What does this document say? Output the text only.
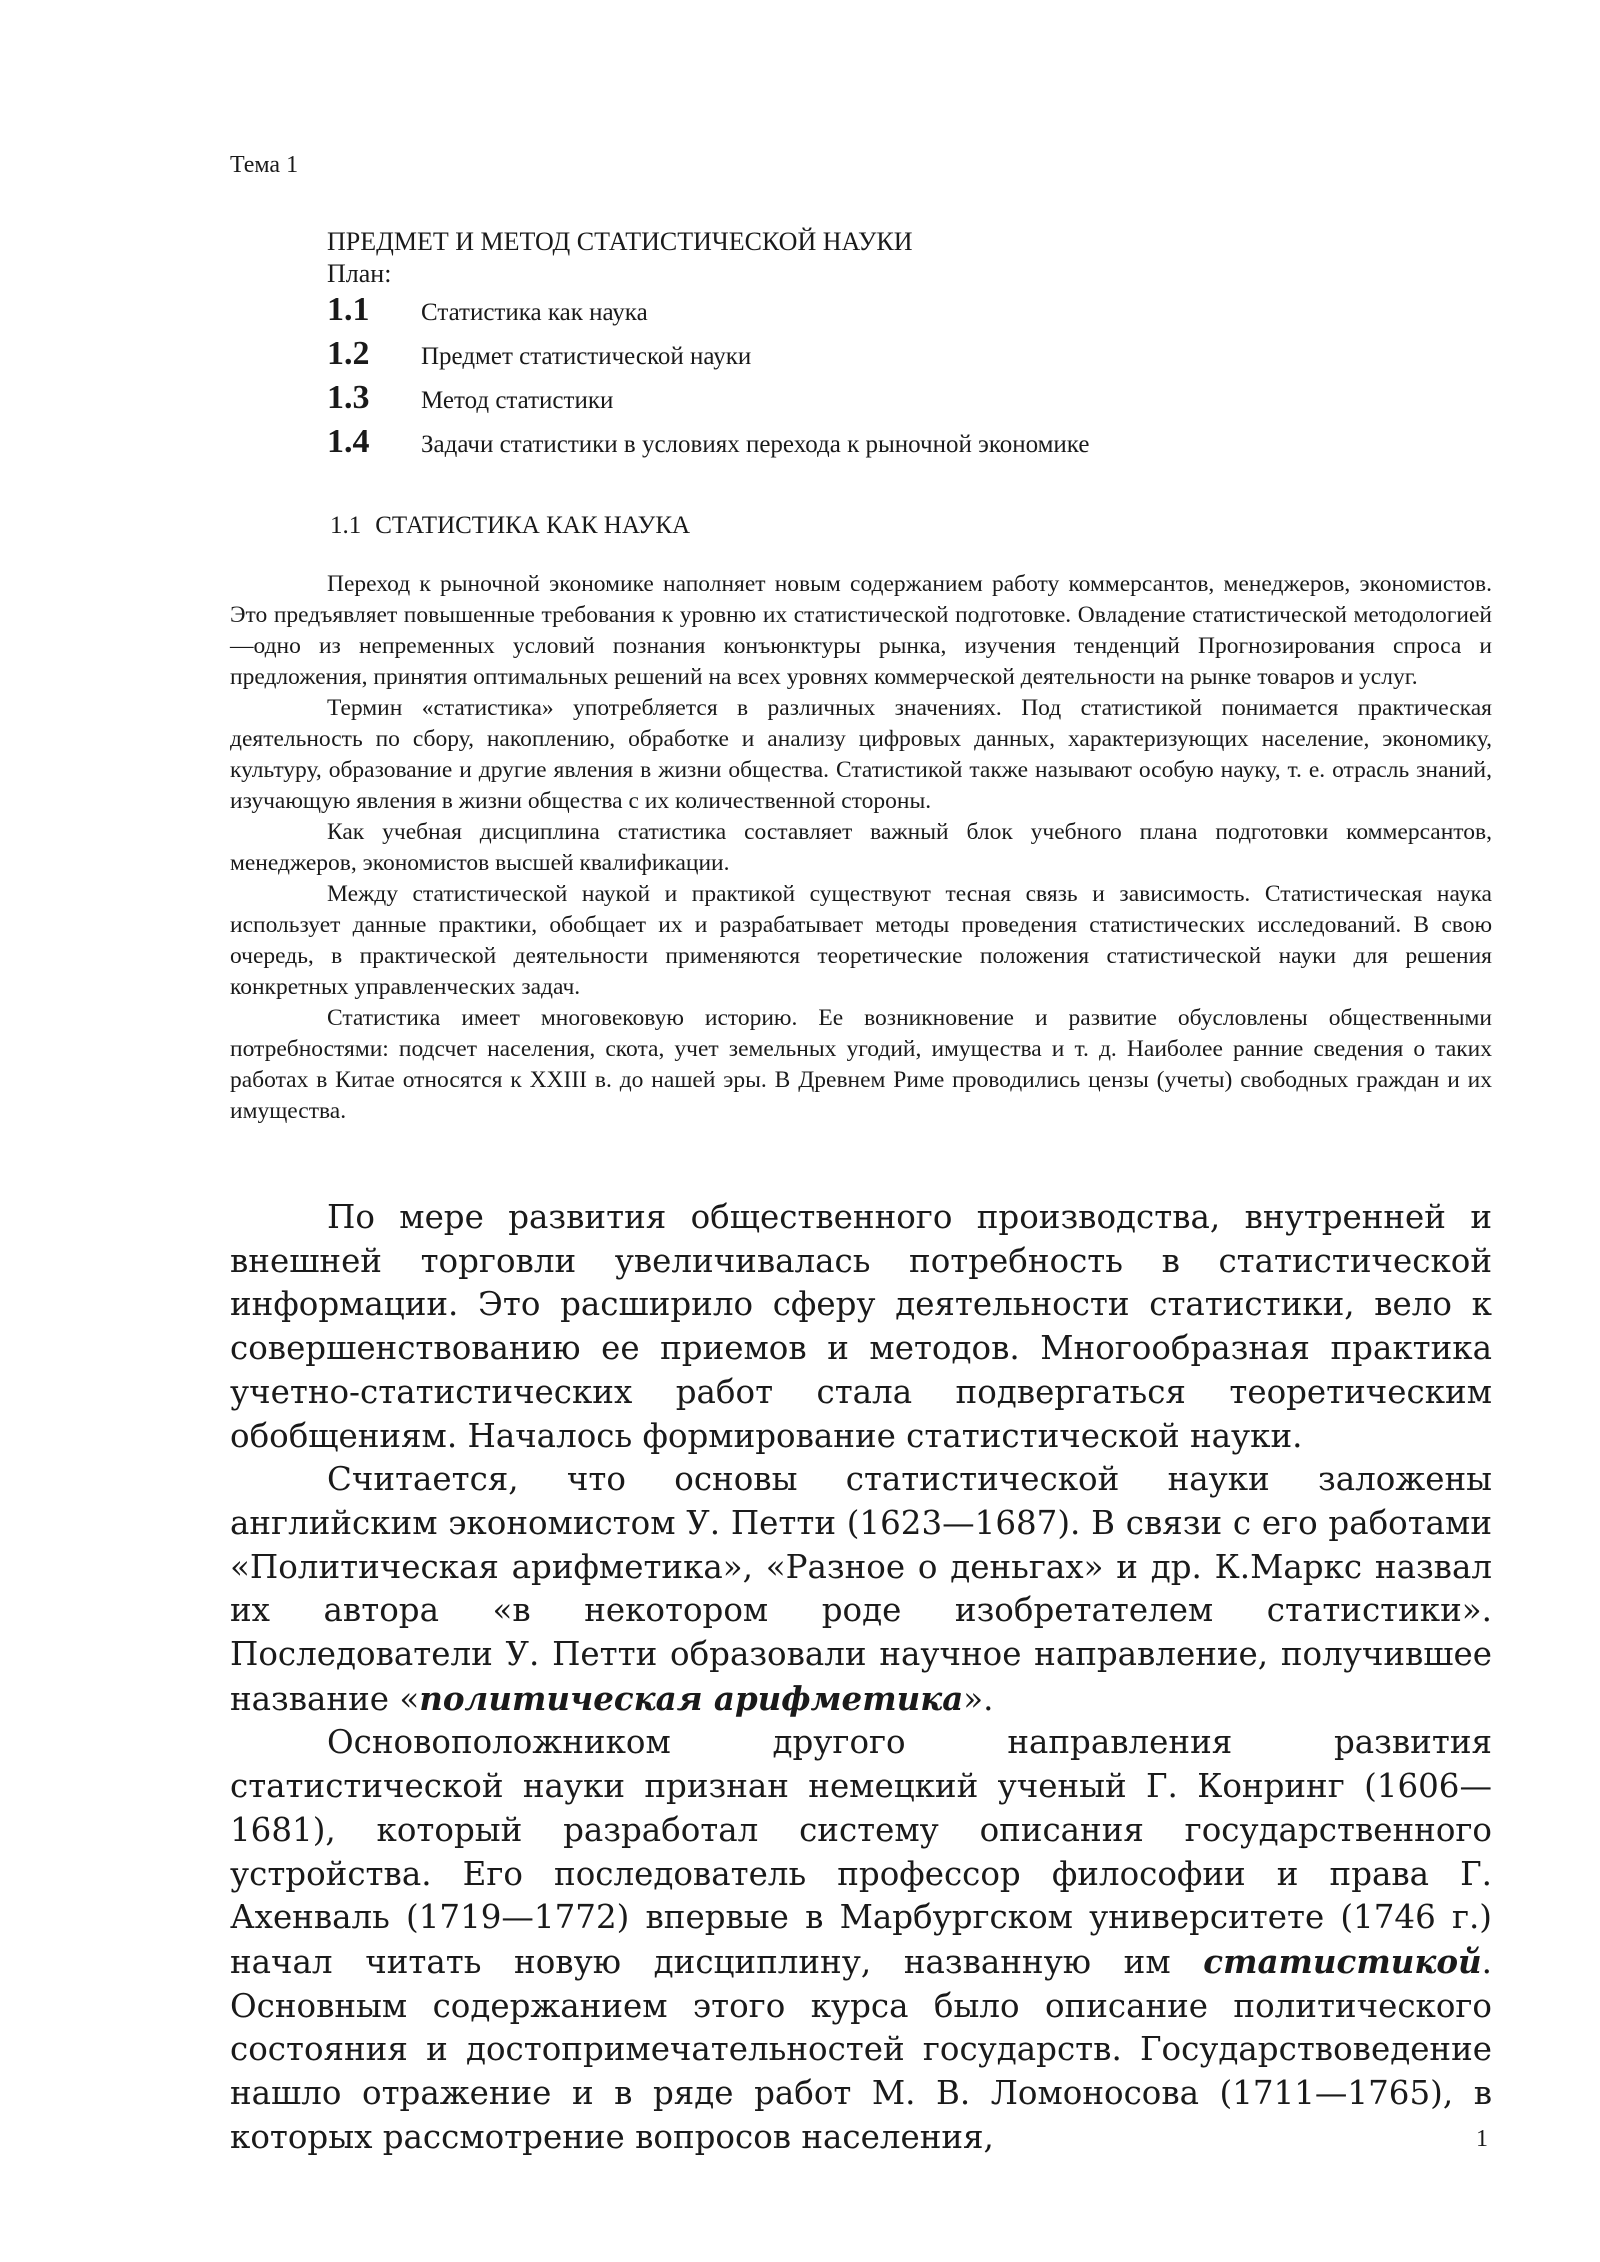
Тема 1
ПРЕДМЕТ И МЕТОД СТАТИСТИЧЕСКОЙ НАУКИ
План:
1.1	Статистика как наука
1.2	Предмет статистической науки
1.3	Метод статистики
1.4	Задачи статистики в условиях перехода к рыночной экономике
1.1 СТАТИСТИКА КАК НАУКА

Переход к рыночной экономике наполняет новым содержанием работу коммерсантов, менеджеров, экономистов. Это предъявляет повышенные требования к уровню их статистической подготовке. Овладение статистической методологией—одно из непременных условий познания конъюнктуры рынка, изучения тенденций Прогнозирования спроса и предложения, принятия оптимальных решений на всех уровнях коммерческой деятельности на рынке товаров и услуг.

Термин «статистика» употребляется в различных значениях. Под статистикой понимается практическая деятельность по сбору, накоплению, обработке и анализу цифровых данных, характеризующих население, экономику, культуру, образование и другие явления в жизни общества. Статистикой также называют особую науку, т. е. отрасль знаний, изучающую явления в жизни общества с их количественной стороны.

Как учебная дисциплина статистика составляет важный блок учебного плана подготовки коммерсантов, менеджеров, экономистов высшей квалификации.

Между статистической наукой и практикой существуют тесная связь и зависимость. Статистическая наука использует данные практики, обобщает их и разрабатывает методы проведения статистических исследований. В свою очередь, в практической деятельности применяются теоретические положения статистической науки для решения конкретных управленческих задач.

Статистика имеет многовековую историю. Ее возникновение и развитие обусловлены общественными потребностями: подсчет населения, скота, учет земельных угодий, имущества и т. д. Наиболее ранние сведения о таких работах в Китае относятся к XXIII в. до нашей эры. В Древнем Риме проводились цензы (учеты) свободных граждан и их имущества.

По мере развития общественного производства, внутренней и внешней торговли увеличивалась потребность в статистической информации. Это расширило сферу деятельности статистики, вело к совершенствованию ее приемов и методов. Многообразная практика учетно-статистических работ стала подвергаться теоретическим обобщениям. Началось формирование статистической науки.

Считается, что основы статистической науки заложены английским экономистом У. Петти (1623—1687). В связи с его работами «Политическая арифметика», «Разное о деньгах» и др. К.Маркс назвал их автора «в некотором роде изобретателем статистики». Последователи У. Петти образовали научное направление, получившее название «политическая арифметика».

Основоположником другого направления развития статистической науки признан немецкий ученый Г. Конринг (1606—1681), который разработал систему описания государственного устройства. Его последователь профессор философии и права Г. Ахенваль (1719—1772) впервые в Марбургском университете (1746 г.) начал читать новую дисциплину, названную им статистикой. Основным содержанием этого курса было описание политического состояния и достопримечательностей государств. Государствоведение нашло отражение и в ряде работ М. В. Ломоносова (1711—1765), в которых рассмотрение вопросов населения,	1
